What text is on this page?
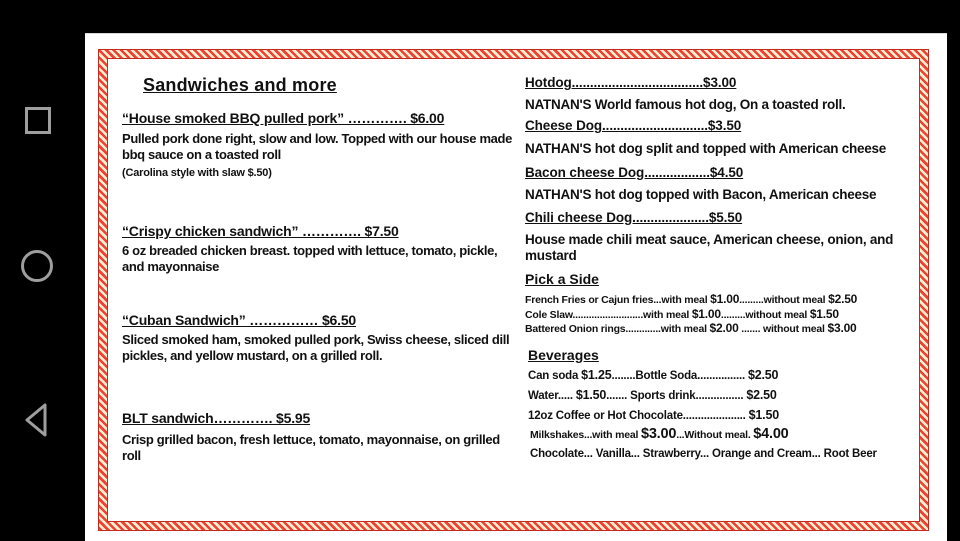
Sandwiches and more
“House smoked BBQ pulled pork” …………. $6.00
Pulled pork done right, slow and low. Topped with our house made bbq sauce on a toasted roll
(Carolina style with slaw $.50)
“Crispy chicken sandwich” …………. $7.50
6 oz breaded chicken breast. topped with lettuce, tomato, pickle, and mayonnaise
“Cuban Sandwich” …………… $6.50
Sliced smoked ham, smoked pulled pork, Swiss cheese, sliced dill pickles, and yellow mustard, on a grilled roll.
BLT sandwich…………. $5.95
Crisp grilled bacon, fresh lettuce, tomato, mayonnaise, on grilled roll
Hotdog....................................$3.00
NATNAN'S World famous hot dog, On a toasted roll.
Cheese Dog.............................$3.50
NATHAN'S hot dog split and topped with American cheese
Bacon cheese Dog..................$4.50
NATHAN'S hot dog topped with Bacon, American cheese
Chili cheese Dog.....................$5.50
House made chili meat sauce, American cheese, onion, and mustard
Pick a Side
French Fries or Cajun fries...with meal $1.00.........without meal $2.50
Cole Slaw..........................with meal $1.00.........without meal $1.50
Battered Onion rings.............with meal $2.00 ....... without meal $3.00
Beverages
Can soda $1.25........Bottle Soda................ $2.50
Water..... $1.50....... Sports drink................ $2.50
12oz Coffee or Hot Chocolate..................... $1.50
Milkshakes...with meal $3.00...Without meal. $4.00
Chocolate... Vanilla... Strawberry... Orange and Cream... Root Beer
